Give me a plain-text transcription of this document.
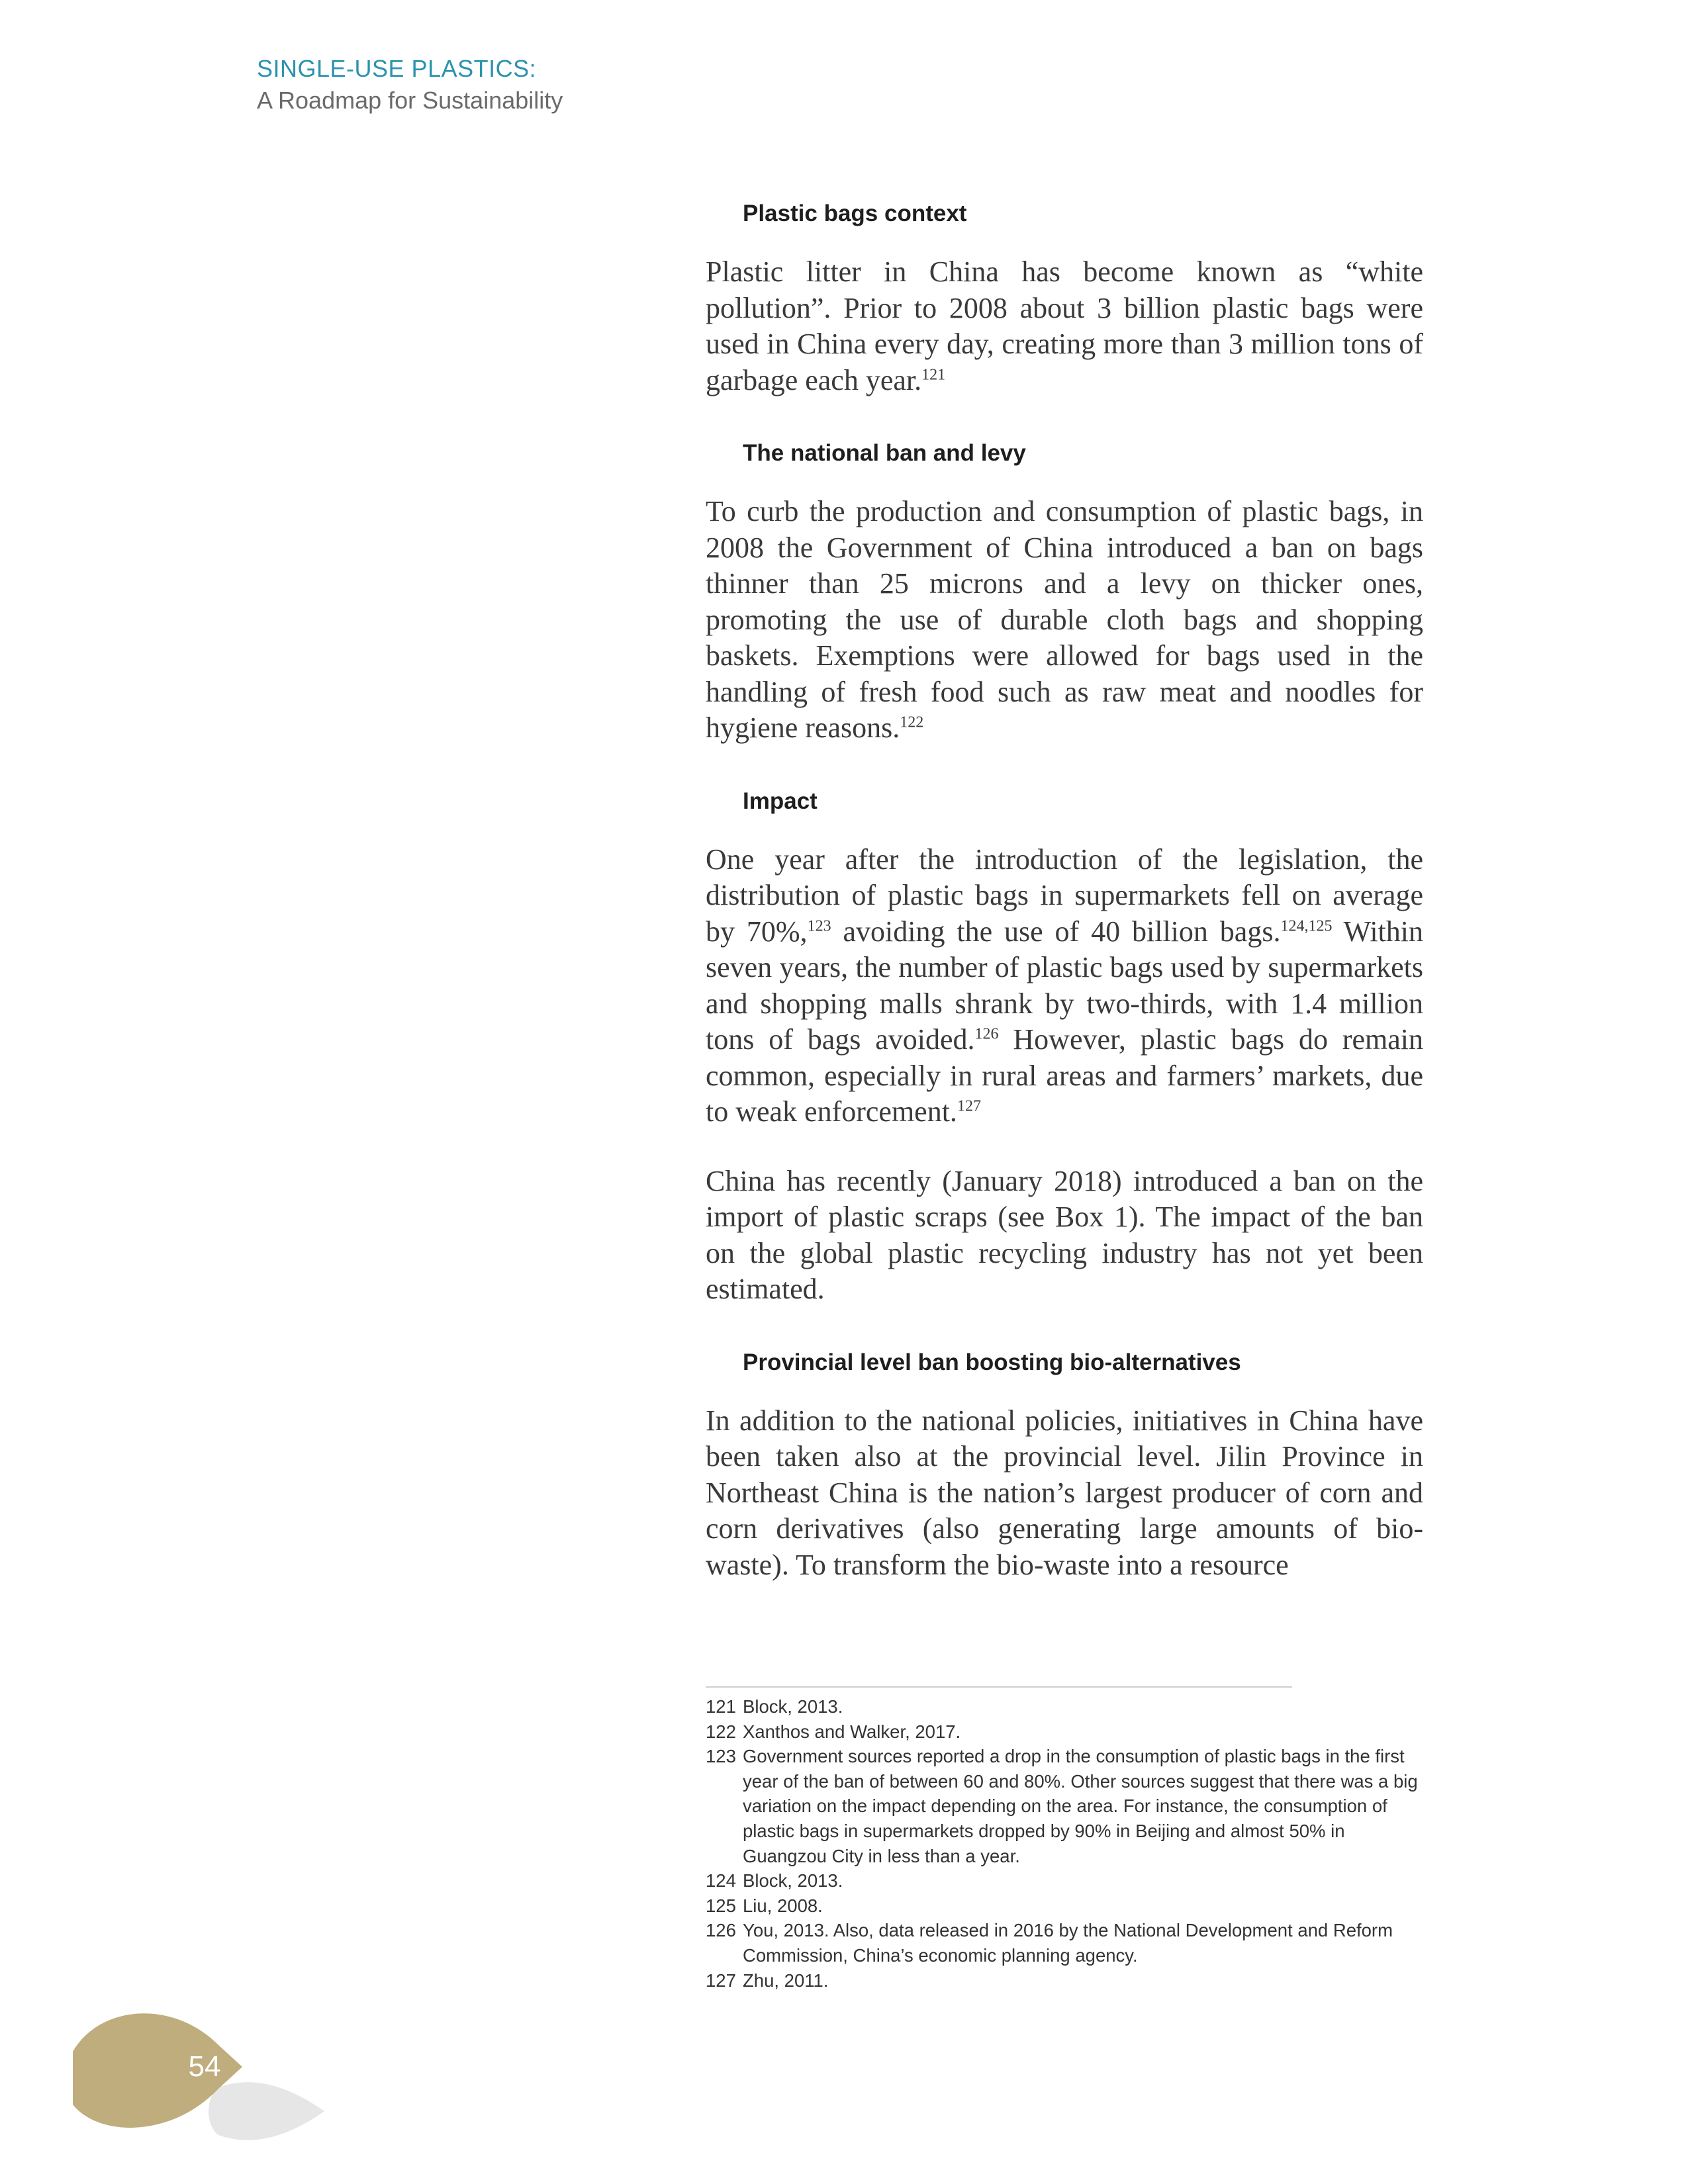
SINGLE-USE PLASTICS:
A Roadmap for Sustainability
Plastic bags context

Plastic litter in China has become known as “white pollution”. Prior to 2008 about 3 billion plastic bags were used in China every day, creating more than 3 million tons of garbage each year.$^{121}$

The national ban and levy

To curb the production and consumption of plastic bags, in 2008 the Government of China introduced a ban on bags thinner than 25 microns and a levy on thicker ones, promoting the use of durable cloth bags and shopping baskets. Exemptions were allowed for bags used in the handling of fresh food such as raw meat and noodles for hygiene reasons.$^{122}$

Impact

One year after the introduction of the legislation, the distribution of plastic bags in supermarkets fell on average by 70%,$^{123}$ avoiding the use of 40 billion bags.$^{124,125}$ Within seven years, the number of plastic bags used by supermarkets and shopping malls shrank by two-thirds, with 1.4 million tons of bags avoided.$^{126}$ However, plastic bags do remain common, especially in rural areas and farmers’ markets, due to weak enforcement.$^{127}$

China has recently (January 2018) introduced a ban on the import of plastic scraps (see Box 1). The impact of the ban on the global plastic recycling industry has not yet been estimated.

Provincial level ban boosting bio-alternatives

In addition to the national policies, initiatives in China have been taken also at the provincial level. Jilin Province in Northeast China is the nation’s largest producer of corn and corn derivatives (also generating large amounts of bio-waste). To transform the bio-waste into a resource

121 Block, 2013.
122 Xanthos and Walker, 2017.
123 Government sources reported a drop in the consumption of plastic bags in the first year of the ban of between 60 and 80%. Other sources suggest that there was a big variation on the impact depending on the area. For instance, the consumption of plastic bags in supermarkets dropped by 90% in Beijing and almost 50% in Guangzou City in less than a year.
124 Block, 2013.
125 Liu, 2008.
126 You, 2013. Also, data released in 2016 by the National Development and Reform Commission, China’s economic planning agency.
127 Zhu, 2011.
54
